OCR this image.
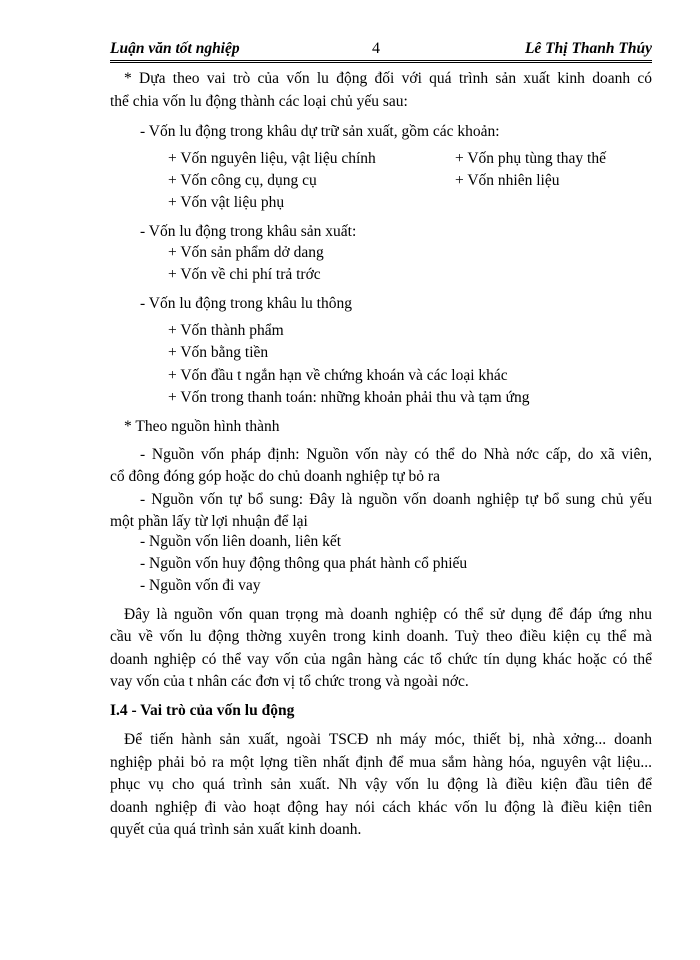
Luận văn tốt nghiệp	4	Lê Thị Thanh Thúy
* Dựa theo vai trò của vốn lu động đối với quá trình sản xuất kinh doanh có
thể chia vốn lu động thành các loại chủ yếu sau:
- Vốn lu động trong khâu dự trữ sản xuất, gồm các khoản:
+ Vốn nguyên liệu, vật liệu chính	+ Vốn phụ tùng thay thế
+ Vốn công cụ, dụng cụ	+ Vốn nhiên liệu
+ Vốn vật liệu phụ
- Vốn lu động trong khâu sản xuất:
+ Vốn sản phẩm dở dang
+ Vốn về chi phí trả trớc
- Vốn lu động trong khâu lu thông
+ Vốn thành phẩm
+ Vốn bằng tiền
+ Vốn đầu t ngắn hạn về chứng khoán và các loại khác
+ Vốn trong thanh toán: những khoản phải thu và tạm ứng
* Theo nguồn hình thành
- Nguồn vốn pháp định: Nguồn vốn này có thể do Nhà nớc cấp, do xã viên,
cổ đông đóng góp hoặc do chủ doanh nghiệp tự bỏ ra
- Nguồn vốn tự bổ sung: Đây là nguồn vốn doanh nghiệp tự bổ sung chủ yếu
một phần lấy từ lợi nhuận để lại
- Nguồn vốn liên doanh, liên kết
- Nguồn vốn huy động thông qua phát hành cổ phiếu
- Nguồn vốn đi vay
Đây là nguồn vốn quan trọng mà doanh nghiệp có thể sử dụng để đáp ứng nhu
cầu về vốn lu động thờng xuyên trong kinh doanh. Tuỳ theo điều kiện cụ thể mà
doanh nghiệp có thể vay vốn của ngân hàng các tổ chức tín dụng khác hoặc có thể
vay vốn của t nhân các đơn vị tổ chức trong và ngoài nớc.
I.4 - Vai trò của vốn lu động
Để tiến hành sản xuất, ngoài TSCĐ nh máy móc, thiết bị, nhà xởng... doanh
nghiệp phải bỏ ra một lợng tiền nhất định để mua sắm hàng hóa, nguyên vật liệu...
phục vụ cho quá trình sản xuất. Nh vậy vốn lu động là điều kiện đầu tiên để
doanh nghiệp đi vào hoạt động hay nói cách khác vốn lu động là điều kiện tiên
quyết của quá trình sản xuất kinh doanh.
